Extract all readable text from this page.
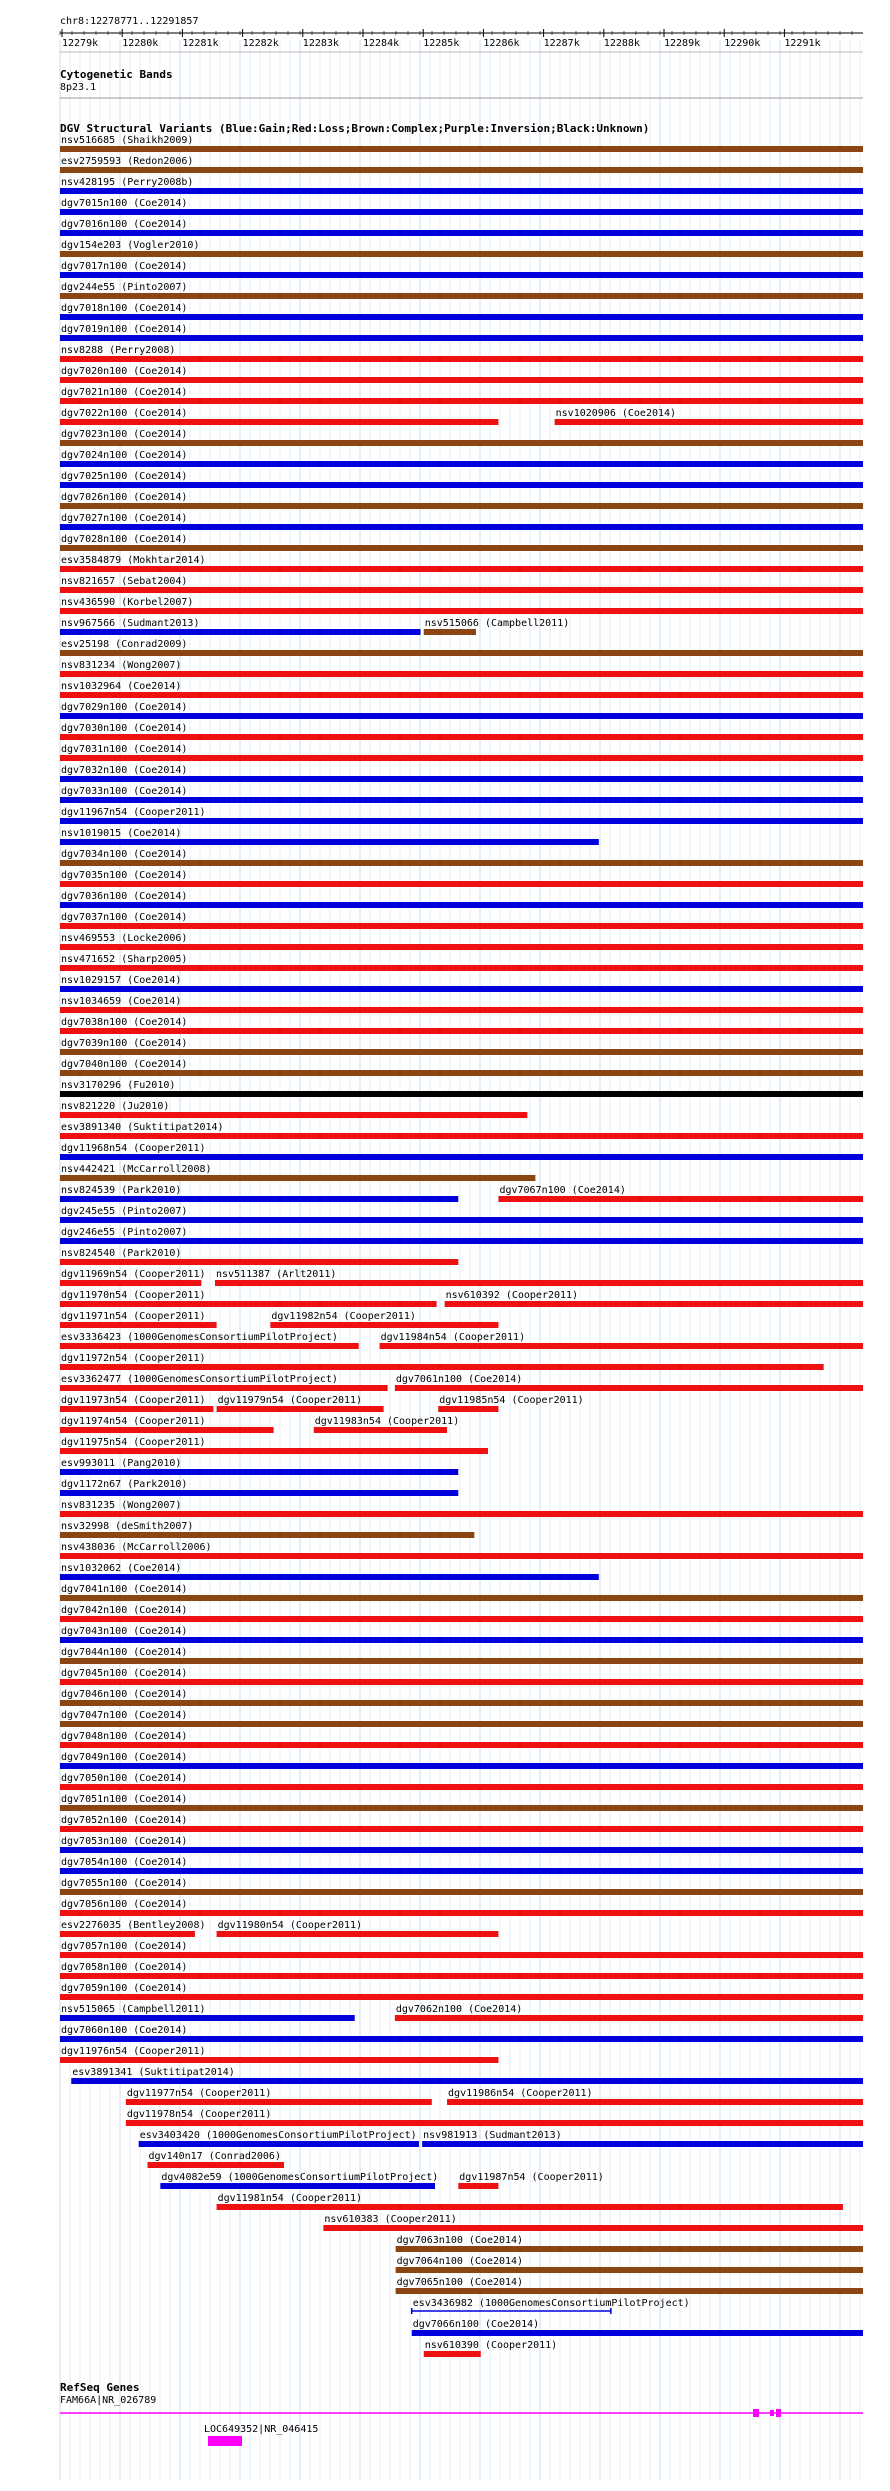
chr8:12278771..12291857
12279k 12280k 12281k 12282k 12283k 12284k 12285k 12286k 12287k 12288k 12289k 12290k 12291k
Cytogenetic Bands
8p23.1
DGV Structural Variants (Blue:Gain;Red:Loss;Brown:Complex;Purple:Inversion;Black:Unknown)
nsv516685 (Shaikh2009)
esv2759593 (Redon2006)
nsv428195 (Perry2008b)
dgv7015n100 (Coe2014)
dgv7016n100 (Coe2014)
dgv154e203 (Vogler2010)
dgv7017n100 (Coe2014)
dgv244e55 (Pinto2007)
dgv7018n100 (Coe2014)
dgv7019n100 (Coe2014)
nsv8288 (Perry2008)
dgv7020n100 (Coe2014)
dgv7021n100 (Coe2014)
dgv7022n100 (Coe2014)	nsv1020906 (Coe2014)
dgv7023n100 (Coe2014)
dgv7024n100 (Coe2014)
dgv7025n100 (Coe2014)
dgv7026n100 (Coe2014)
dgv7027n100 (Coe2014)
dgv7028n100 (Coe2014)
esv3584879 (Mokhtar2014)
nsv821657 (Sebat2004)
nsv436590 (Korbel2007)
nsv967566 (Sudmant2013)	nsv515066 (Campbell2011)
esv25198 (Conrad2009)
nsv831234 (Wong2007)
nsv1032964 (Coe2014)
dgv7029n100 (Coe2014)
dgv7030n100 (Coe2014)
dgv7031n100 (Coe2014)
dgv7032n100 (Coe2014)
dgv7033n100 (Coe2014)
dgv11967n54 (Cooper2011)
nsv1019015 (Coe2014)
dgv7034n100 (Coe2014)
dgv7035n100 (Coe2014)
dgv7036n100 (Coe2014)
dgv7037n100 (Coe2014)
nsv469553 (Locke2006)
nsv471652 (Sharp2005)
nsv1029157 (Coe2014)
nsv1034659 (Coe2014)
dgv7038n100 (Coe2014)
dgv7039n100 (Coe2014)
dgv7040n100 (Coe2014)
nsv3170296 (Fu2010)
nsv821220 (Ju2010)
esv3891340 (Suktitipat2014)
dgv11968n54 (Cooper2011)
nsv442421 (McCarroll2008)
nsv824539 (Park2010)	dgv7067n100 (Coe2014)
dgv245e55 (Pinto2007)
dgv246e55 (Pinto2007)
nsv824540 (Park2010)
dgv11969n54 (Cooper2011) nsv511387 (Arlt2011)
dgv11970n54 (Cooper2011)	nsv610392 (Cooper2011)
dgv11971n54 (Cooper2011)	dgv11982n54 (Cooper2011)
esv3336423 (1000GenomesConsortiumPilotProject)	dgv11984n54 (Cooper2011)
dgv11972n54 (Cooper2011)
esv3362477 (1000GenomesConsortiumPilotProject)	dgv7061n100 (Coe2014)
dgv11973n54 (Cooper2011) dgv11979n54 (Cooper2011)	dgv11985n54 (Cooper2011)
dgv11974n54 (Cooper2011)	dgv11983n54 (Cooper2011)
dgv11975n54 (Cooper2011)
esv993011 (Pang2010)
dgv1172n67 (Park2010)
nsv831235 (Wong2007)
nsv32998 (deSmith2007)
nsv438036 (McCarroll2006)
nsv1032062 (Coe2014)
dgv7041n100 (Coe2014)
dgv7042n100 (Coe2014)
dgv7043n100 (Coe2014)
dgv7044n100 (Coe2014)
dgv7045n100 (Coe2014)
dgv7046n100 (Coe2014)
dgv7047n100 (Coe2014)
dgv7048n100 (Coe2014)
dgv7049n100 (Coe2014)
dgv7050n100 (Coe2014)
dgv7051n100 (Coe2014)
dgv7052n100 (Coe2014)
dgv7053n100 (Coe2014)
dgv7054n100 (Coe2014)
dgv7055n100 (Coe2014)
dgv7056n100 (Coe2014)
esv2276035 (Bentley2008) dgv11980n54 (Cooper2011)
dgv7057n100 (Coe2014)
dgv7058n100 (Coe2014)
dgv7059n100 (Coe2014)
nsv515065 (Campbell2011)	dgv7062n100 (Coe2014)
dgv7060n100 (Coe2014)
dgv11976n54 (Cooper2011)
esv3891341 (Suktitipat2014)
dgv11977n54 (Cooper2011)	dgv11986n54 (Cooper2011)
dgv11978n54 (Cooper2011)
esv3403420 (1000GenomesConsortiumPilotProject) nsv981913 (Sudmant2013)
dgv140n17 (Conrad2006)
dgv4082e59 (1000GenomesConsortiumPilotProject) dgv11987n54 (Cooper2011)
dgv11981n54 (Cooper2011)
nsv610383 (Cooper2011)
dgv7063n100 (Coe2014)
dgv7064n100 (Coe2014)
dgv7065n100 (Coe2014)
esv3436982 (1000GenomesConsortiumPilotProject)
dgv7066n100 (Coe2014)
nsv610390 (Cooper2011)
RefSeq Genes
FAM66A|NR_026789
LOC649352|NR_046415
